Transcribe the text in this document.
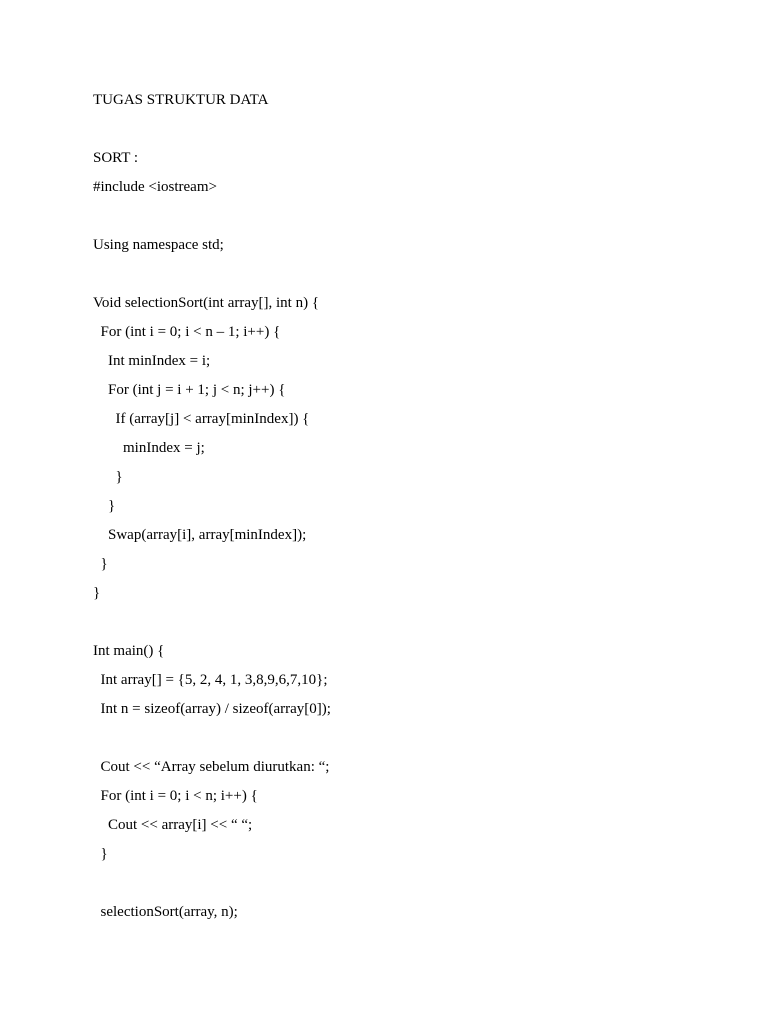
TUGAS STRUKTUR DATA
SORT :
#include <iostream>
Using namespace std;
Void selectionSort(int array[], int n) {
For (int i = 0; i < n – 1; i++) {
Int minIndex = i;
For (int j = i + 1; j < n; j++) {
If (array[j] < array[minIndex]) {
minIndex = j;
}
}
Swap(array[i], array[minIndex]);
}
}
Int main() {
Int array[] = {5, 2, 4, 1, 3,8,9,6,7,10};
Int n = sizeof(array) / sizeof(array[0]);
Cout << “Array sebelum diurutkan: “;
For (int i = 0; i < n; i++) {
Cout << array[i] << “ “;
}
selectionSort(array, n);
